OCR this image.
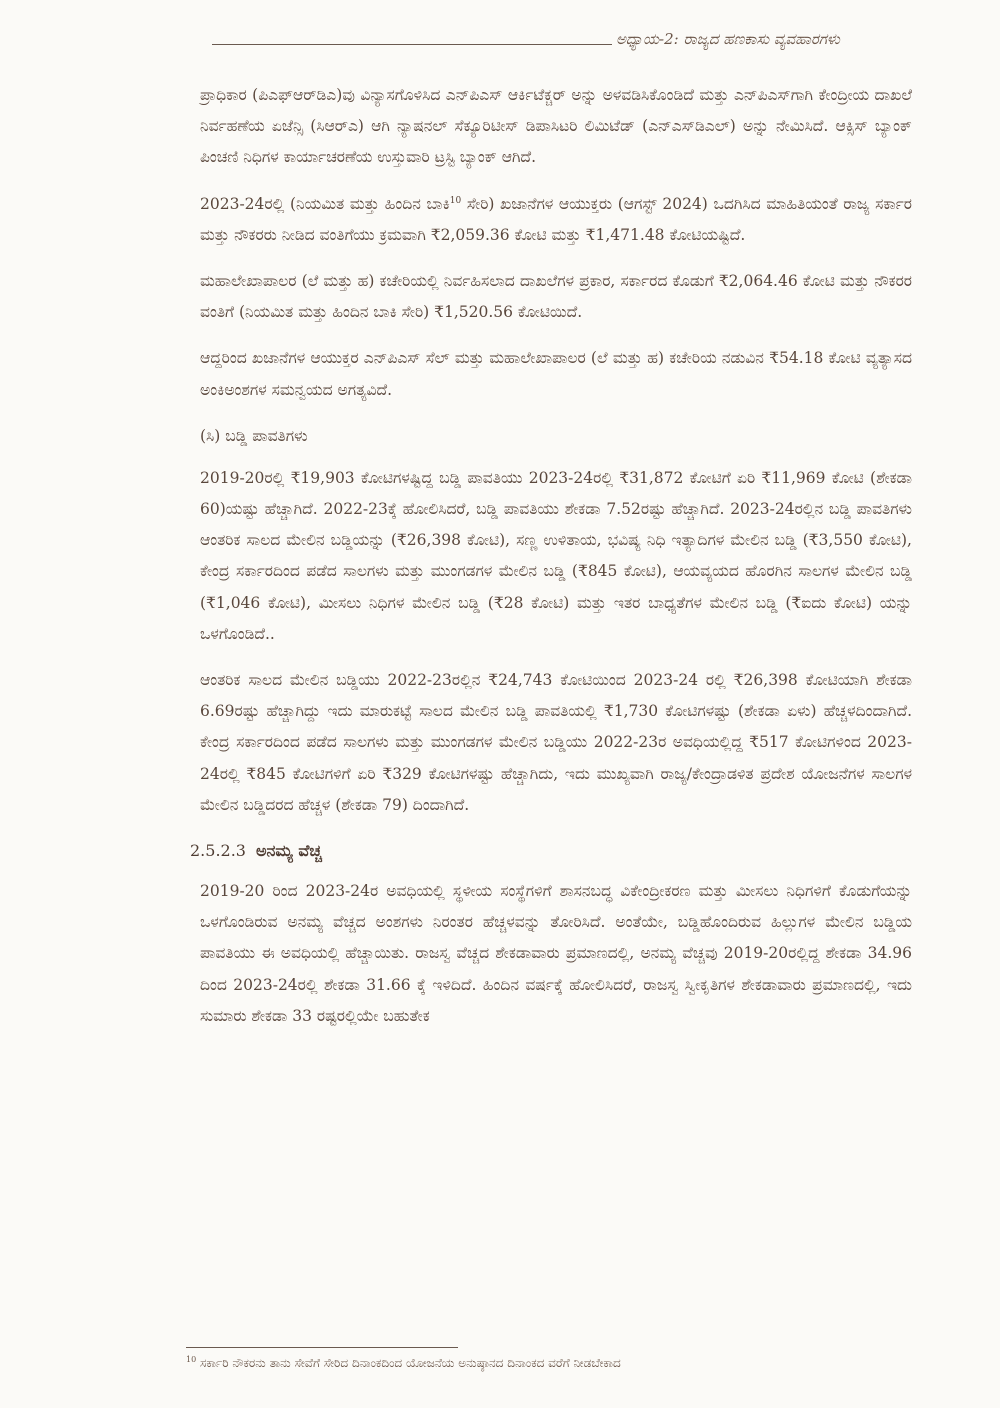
ಅಧ್ಯಾಯ-2: ರಾಜ್ಯದ ಹಣಕಾಸು ವ್ಯವಹಾರಗಳು

ಪ್ರಾಧಿಕಾರ (ಪಿಎಫ್‌ಆರ್‌ಡಿಎ)ವು ವಿನ್ಯಾಸಗೊಳಿಸಿದ ಎನ್‌ಪಿಎಸ್ ಆರ್ಕಿಟೆಕ್ಚರ್ ಅನ್ನು ಅಳವಡಿಸಿಕೊಂಡಿದೆ ಮತ್ತು ಎನ್‌ಪಿಎಸ್‌ಗಾಗಿ ಕೇಂದ್ರೀಯ ದಾಖಲೆ ನಿರ್ವಹಣೆಯ ಏಜೆನ್ಸಿ (ಸಿಆರ್‌ಎ) ಆಗಿ ನ್ಯಾಷನಲ್ ಸೆಕ್ಯೂರಿಟೀಸ್ ಡಿಪಾಸಿಟರಿ ಲಿಮಿಟೆಡ್ (ಎನ್‌ಎಸ್‌ಡಿಎಲ್) ಅನ್ನು ನೇಮಿಸಿದೆ. ಆಕ್ಸಿಸ್ ಬ್ಯಾಂಕ್ ಪಿಂಚಣಿ ನಿಧಿಗಳ ಕಾರ್ಯಾಚರಣೆಯ ಉಸ್ತುವಾರಿ ಟ್ರಸ್ಟಿ ಬ್ಯಾಂಕ್ ಆಗಿದೆ.

2023-24ರಲ್ಲಿ (ನಿಯಮಿತ ಮತ್ತು ಹಿಂದಿನ ಬಾಕಿ$^{10}$ ಸೇರಿ) ಖಜಾನೆಗಳ ಆಯುಕ್ತರು (ಆಗಸ್ಟ್ 2024) ಒದಗಿಸಿದ ಮಾಹಿತಿಯಂತೆ ರಾಜ್ಯ ಸರ್ಕಾರ ಮತ್ತು ನೌಕರರು ನೀಡಿದ ವಂತಿಗೆಯು ಕ್ರಮವಾಗಿ ₹2,059.36 ಕೋಟಿ ಮತ್ತು ₹1,471.48 ಕೋಟಿಯಷ್ಟಿದೆ.

ಮಹಾಲೇಖಾಪಾಲರ (ಲೆ ಮತ್ತು ಹ) ಕಚೇರಿಯಲ್ಲಿ ನಿರ್ವಹಿಸಲಾದ ದಾಖಲೆಗಳ ಪ್ರಕಾರ, ಸರ್ಕಾರದ ಕೊಡುಗೆ ₹2,064.46 ಕೋಟಿ ಮತ್ತು ನೌಕರರ ವಂತಿಗೆ (ನಿಯಮಿತ ಮತ್ತು ಹಿಂದಿನ ಬಾಕಿ ಸೇರಿ) ₹1,520.56 ಕೋಟಿಯಿದೆ.

ಆದ್ದರಿಂದ ಖಜಾನೆಗಳ ಆಯುಕ್ತರ ಎನ್‌ಪಿಎಸ್ ಸೆಲ್ ಮತ್ತು ಮಹಾಲೇಖಾಪಾಲರ (ಲೆ ಮತ್ತು ಹ) ಕಚೇರಿಯ ನಡುವಿನ ₹54.18 ಕೋಟಿ ವ್ಯತ್ಯಾಸದ ಅಂಕಿಅಂಶಗಳ ಸಮನ್ವಯದ ಅಗತ್ಯವಿದೆ.

(ಸಿ) ಬಡ್ಡಿ ಪಾವತಿಗಳು

2019-20ರಲ್ಲಿ ₹19,903 ಕೋಟಿಗಳಷ್ಟಿದ್ದ ಬಡ್ಡಿ ಪಾವತಿಯು 2023-24ರಲ್ಲಿ ₹31,872 ಕೋಟಿಗೆ ಏರಿ ₹11,969 ಕೋಟಿ (ಶೇಕಡಾ 60)ಯಷ್ಟು ಹೆಚ್ಚಾಗಿದೆ. 2022-23ಕ್ಕೆ ಹೋಲಿಸಿದರೆ, ಬಡ್ಡಿ ಪಾವತಿಯು ಶೇಕಡಾ 7.52ರಷ್ಟು ಹೆಚ್ಚಾಗಿದೆ. 2023-24ರಲ್ಲಿನ ಬಡ್ಡಿ ಪಾವತಿಗಳು ಆಂತರಿಕ ಸಾಲದ ಮೇಲಿನ ಬಡ್ಡಿಯನ್ನು (₹26,398 ಕೋಟಿ), ಸಣ್ಣ ಉಳಿತಾಯ, ಭವಿಷ್ಯ ನಿಧಿ ಇತ್ಯಾದಿಗಳ ಮೇಲಿನ ಬಡ್ಡಿ (₹3,550 ಕೋಟಿ), ಕೇಂದ್ರ ಸರ್ಕಾರದಿಂದ ಪಡೆದ ಸಾಲಗಳು ಮತ್ತು ಮುಂಗಡಗಳ ಮೇಲಿನ ಬಡ್ಡಿ (₹845 ಕೋಟಿ), ಆಯವ್ಯಯದ ಹೊರಗಿನ ಸಾಲಗಳ ಮೇಲಿನ ಬಡ್ಡಿ (₹1,046 ಕೋಟಿ), ಮೀಸಲು ನಿಧಿಗಳ ಮೇಲಿನ ಬಡ್ಡಿ (₹28 ಕೋಟಿ) ಮತ್ತು ಇತರ ಬಾಧ್ಯತೆಗಳ ಮೇಲಿನ ಬಡ್ಡಿ (₹ಐದು ಕೋಟಿ) ಯನ್ನು ಒಳಗೊಂಡಿದೆ..

ಆಂತರಿಕ ಸಾಲದ ಮೇಲಿನ ಬಡ್ಡಿಯು 2022-23ರಲ್ಲಿನ ₹24,743 ಕೋಟಿಯಿಂದ 2023-24 ರಲ್ಲಿ ₹26,398 ಕೋಟಿಯಾಗಿ ಶೇಕಡಾ 6.69ರಷ್ಟು ಹೆಚ್ಚಾಗಿದ್ದು ಇದು ಮಾರುಕಟ್ಟೆ ಸಾಲದ ಮೇಲಿನ ಬಡ್ಡಿ ಪಾವತಿಯಲ್ಲಿ ₹1,730 ಕೋಟಿಗಳಷ್ಟು (ಶೇಕಡಾ ಏಳು) ಹೆಚ್ಚಳದಿಂದಾಗಿದೆ. ಕೇಂದ್ರ ಸರ್ಕಾರದಿಂದ ಪಡೆದ ಸಾಲಗಳು ಮತ್ತು ಮುಂಗಡಗಳ ಮೇಲಿನ ಬಡ್ಡಿಯು 2022-23ರ ಅವಧಿಯಲ್ಲಿದ್ದ ₹517 ಕೋಟಿಗಳಿಂದ 2023-24ರಲ್ಲಿ ₹845 ಕೋಟಿಗಳಿಗೆ ಏರಿ ₹329 ಕೋಟಿಗಳಷ್ಟು ಹೆಚ್ಚಾಗಿದು, ಇದು ಮುಖ್ಯವಾಗಿ ರಾಜ್ಯ/ಕೇಂದ್ರಾಡಳಿತ ಪ್ರದೇಶ ಯೋಜನೆಗಳ ಸಾಲಗಳ ಮೇಲಿನ ಬಡ್ಡಿದರದ ಹೆಚ್ಚಳ (ಶೇಕಡಾ 79) ದಿಂದಾಗಿದೆ.

2.5.2.3 ಅನಮ್ಯ ವೆಚ್ಚ

2019-20 ರಿಂದ 2023-24ರ ಅವಧಿಯಲ್ಲಿ ಸ್ಥಳೀಯ ಸಂಸ್ಥೆಗಳಿಗೆ ಶಾಸನಬದ್ಧ ವಿಕೇಂದ್ರೀಕರಣ ಮತ್ತು ಮೀಸಲು ನಿಧಿಗಳಿಗೆ ಕೊಡುಗೆಯನ್ನು ಒಳಗೊಂಡಿರುವ ಅನಮ್ಯ ವೆಚ್ಚದ ಅಂಶಗಳು ನಿರಂತರ ಹೆಚ್ಚಳವನ್ನು ತೋರಿಸಿದೆ. ಅಂತೆಯೇ, ಬಡ್ಡಿಹೊಂದಿರುವ ಹಿಲ್ಲುಗಳ ಮೇಲಿನ ಬಡ್ಡಿಯ ಪಾವತಿಯು ಈ ಅವಧಿಯಲ್ಲಿ ಹೆಚ್ಚಾಯಿತು. ರಾಜಸ್ವ ವೆಚ್ಚದ ಶೇಕಡಾವಾರು ಪ್ರಮಾಣದಲ್ಲಿ, ಅನಮ್ಯ ವೆಚ್ಚವು 2019-20ರಲ್ಲಿದ್ದ ಶೇಕಡಾ 34.96 ದಿಂದ 2023-24ರಲ್ಲಿ ಶೇಕಡಾ 31.66 ಕ್ಕೆ ಇಳಿದಿದೆ. ಹಿಂದಿನ ವರ್ಷಕ್ಕೆ ಹೋಲಿಸಿದರೆ, ರಾಜಸ್ವ ಸ್ವೀಕೃತಿಗಳ ಶೇಕಡಾವಾರು ಪ್ರಮಾಣದಲ್ಲಿ, ಇದು ಸುಮಾರು ಶೇಕಡಾ 33 ರಷ್ಟರಲ್ಲಿಯೇ ಬಹುತೇಕ

$^{10}$ ಸರ್ಕಾರಿ ನೌಕರನು ತಾನು ಸೇವೆಗೆ ಸೇರಿದ ದಿನಾಂಕದಿಂದ ಯೋಜನೆಯ ಅನುಷ್ಠಾನದ ದಿನಾಂಕದ ವರೆಗೆ ನೀಡಬೇಕಾದ
